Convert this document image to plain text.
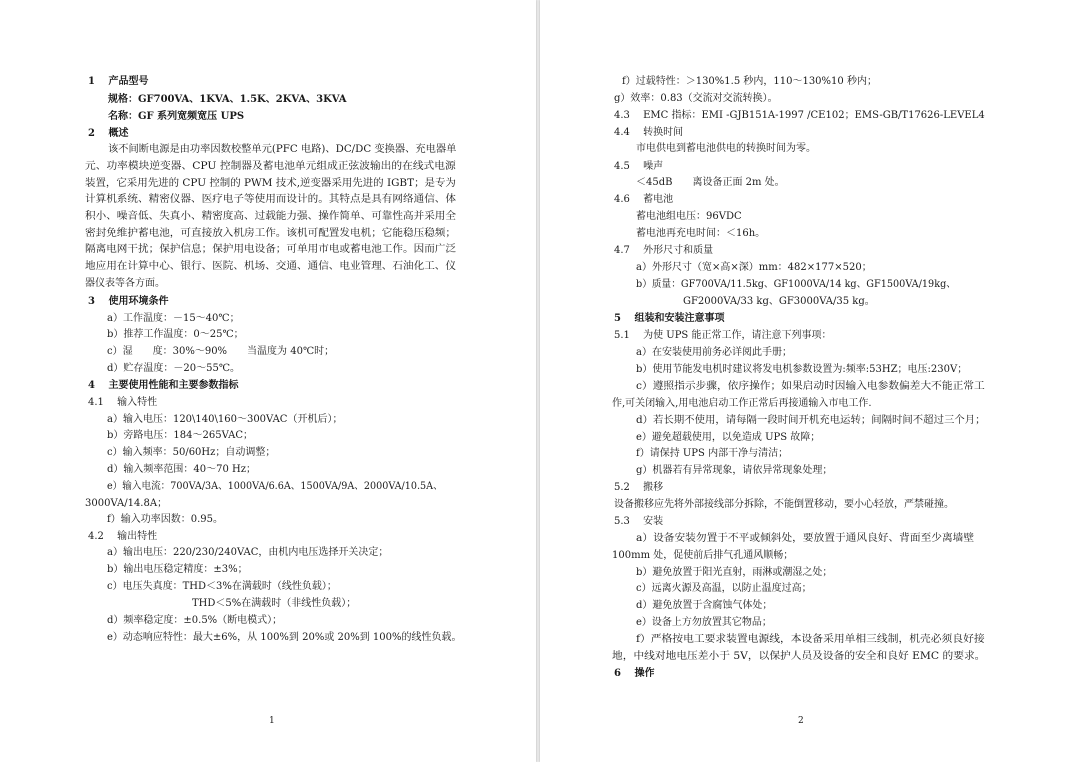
1　 产品型号
规格：GF700VA、1KVA、1.5K、2KVA、3KVA
名称：GF 系列宽频宽压 UPS
2　 概述
该不间断电源是由功率因数校整单元(PFC 电路)、DC/DC 变换器、充电器单
元、功率模块逆变器、CPU 控制器及蓄电池单元组成正弦波输出的在线式电源
装置，它采用先进的 CPU 控制的 PWM 技术,逆变器采用先进的 IGBT；是专为
计算机系统、精密仪器、医疗电子等使用而设计的。其特点是具有网络通信、体
积小、噪音低、失真小、精密度高、过载能力强、操作简单、可靠性高并采用全
密封免维护蓄电池，可直接放入机房工作。该机可配置发电机；它能稳压稳频；
隔离电网干扰；保护信息；保护用电设备；可单用市电或蓄电池工作。因而广泛
地应用在计算中心、银行、医院、机场、交通、通信、电业管理、石油化工、仪
器仪表等各方面。
3　 使用环境条件
a）工作温度：－15～40℃；
b）推荐工作温度：0～25℃；
c）湿　　度：30%～90%　　当温度为 40℃时；
d）贮存温度：－20～55℃。
4　 主要使用性能和主要参数指标
4.1　 输入特性
a）输入电压：120\140\160～300VAC（开机后）；
b）旁路电压：184～265VAC；
c）输入频率：50/60Hz；自动调整；
d）输入频率范围：40～70 Hz；
e）输入电流：700VA/3A、1000VA/6.6A、1500VA/9A、2000VA/10.5A、
3000VA/14.8A；
f）输入功率因数：0.95。
4.2　 输出特性
a）输出电压：220/230/240VAC，由机内电压选择开关决定；
b）输出电压稳定精度：±3%；
c）电压失真度：THD＜3%在满载时（线性负载）；
THD＜5%在满载时（非线性负载）；
d）频率稳定度：±0.5%（断电模式）；
e）动态响应特性：最大±6%，从 100%到 20%或 20%到 100%的线性负载。
f）过载特性：＞130%1.5 秒内，110～130%10 秒内；
g）效率：0.83（交流对交流转换）。
4.3　 EMC 指标：EMI -GJB151A-1997 /CE102；EMS-GB/T17626-LEVEL4
4.4　 转换时间
市电供电到蓄电池供电的转换时间为零。
4.5　 噪声
＜45dB　　离设备正面 2m 处。
4.6　 蓄电池
蓄电池组电压：96VDC
蓄电池再充电时间：＜16h。
4.7　 外形尺寸和质量
a）外形尺寸（宽×高×深）mm：482×177×520；
b）质量：GF700VA/11.5kg、GF1000VA/14 kg、GF1500VA/19kg、
GF2000VA/33 kg、GF3000VA/35 kg。
5　 组装和安装注意事项
5.1　 为使 UPS 能正常工作，请注意下列事项：
a）在安装使用前务必详阅此手册；
b）使用节能发电机时建议将发电机参数设置为:频率:53HZ；电压:230V；
c）遵照指示步骤，依序操作；如果启动时因输入电参数偏差大不能正常工
作,可关闭输入,用电池启动工作正常后再接通输入市电工作.
d）若长期不使用，请每隔一段时间开机充电运转；间隔时间不超过三个月；
e）避免超载使用，以免造成 UPS 故障；
f）请保持 UPS 内部干净与清洁；
g）机器若有异常现象，请依异常现象处理；
5.2　 搬移
设备搬移应先将外部接线部分拆除，不能倒置移动，要小心轻放，严禁碰撞。
5.3　 安装
a）设备安装勿置于不平或倾斜处，要放置于通风良好、背面至少离墙壁
100mm 处，促使前后排气孔通风顺畅；
b）避免放置于阳光直射，雨淋或潮湿之处；
c）远离火源及高温，以防止温度过高；
d）避免放置于含腐蚀气体处；
e）设备上方勿放置其它物品；
f）严格按电工要求装置电源线，本设备采用单相三线制，机壳必须良好接
地，中线对地电压差小于 5V，以保护人员及设备的安全和良好 EMC 的要求。
6　 操作
1	2
